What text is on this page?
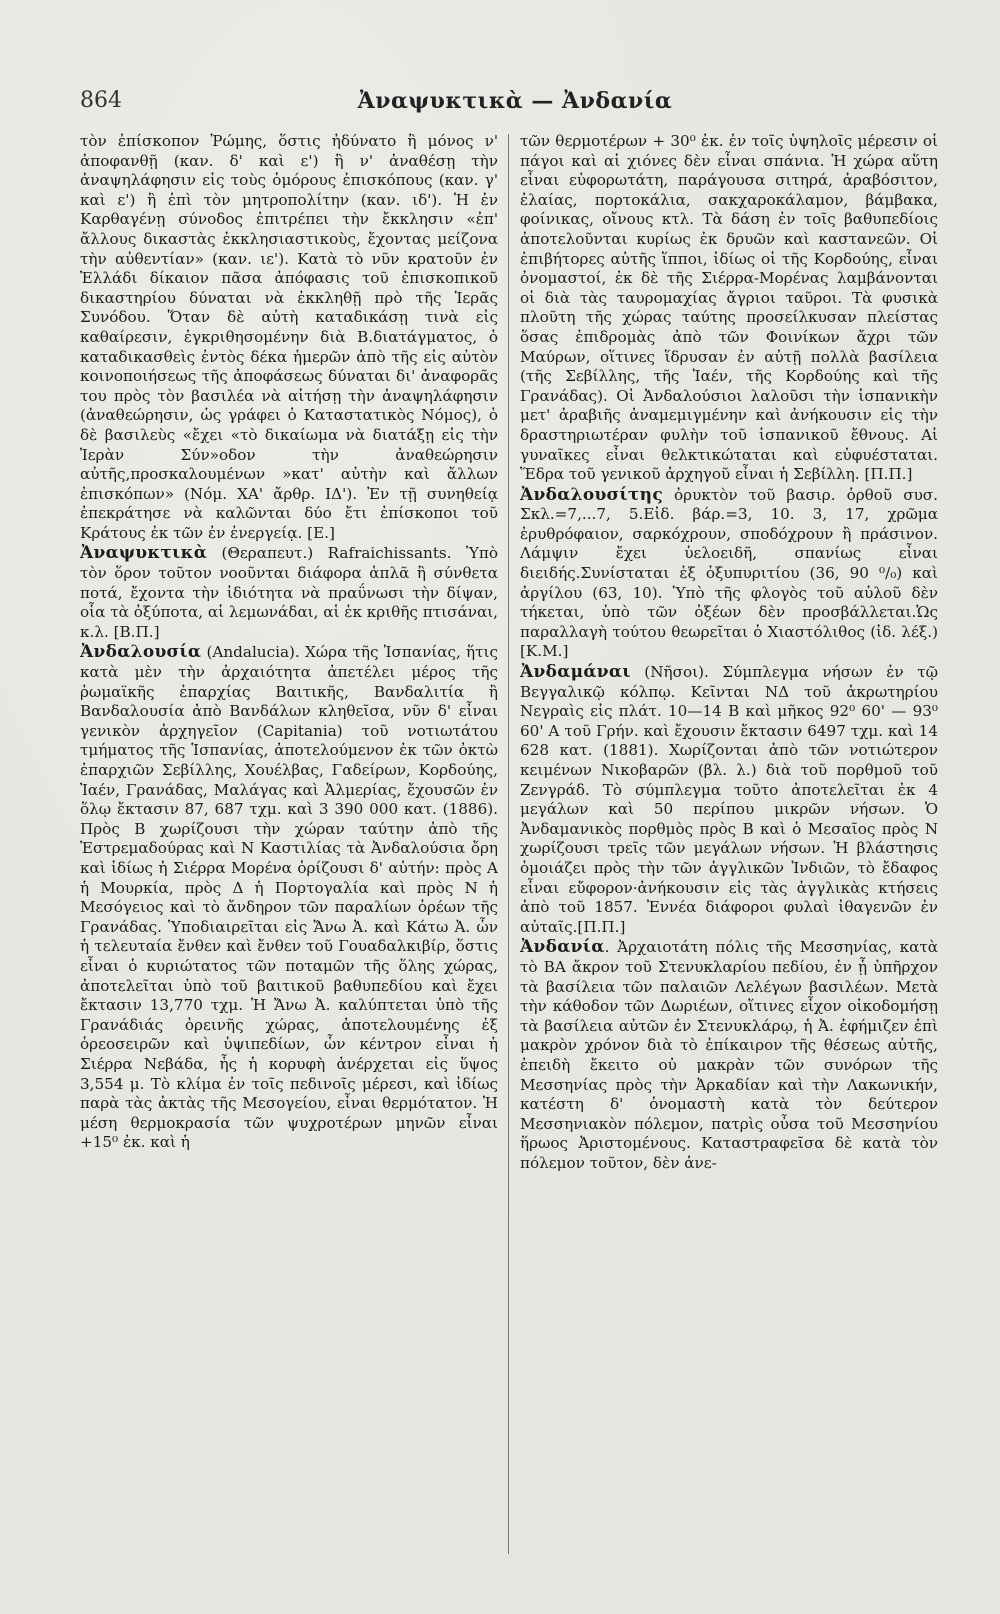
864	Ἀναψυκτικὰ — Ἀνδανία

τὸν ἐπίσκοπον Ῥώμης, ὅστις ἠδύνατο ἢ μόνος ν' ἀποφανθῇ (καν. δ' καὶ ε') ἢ ν' ἀναθέσῃ τὴν ἀναψηλάφησιν εἰς τοὺς ὁμόρους ἐπισκόπους (καν. γ' καὶ ε') ἢ ἐπὶ τὸν μητροπολίτην (καν. ιδ'). Ἡ ἐν Καρθαγένῃ σύνοδος ἐπιτρέπει τὴν ἔκκλησιν «ἐπ' ἄλλους δικαστὰς ἐκκλησιαστικοὺς, ἔχοντας μείζονα τὴν αὐθεντίαν» (καν. ιε'). Κατὰ τὸ νῦν κρατοῦν ἐν Ἑλλάδι δίκαιον πᾶσα ἀπόφασις τοῦ ἐπισκοπικοῦ δικαστηρίου δύναται νὰ ἐκκληθῇ πρὸ τῆς Ἱερᾶς Συνόδου. Ὅταν δὲ αὐτὴ καταδικάσῃ τινὰ εἰς καθαίρεσιν, ἐγκριθησομένην διὰ Β.διατάγματος, ὁ καταδικασθεὶς ἐντὸς δέκα ἡμερῶν ἀπὸ τῆς εἰς αὐτὸν κοινοποιήσεως τῆς ἀποφάσεως δύναται δι' ἀναφορᾶς του πρὸς τὸν βασιλέα νὰ αἰτήσῃ τὴν ἀναψηλάφησιν (ἀναθεώρησιν, ὡς γράφει ὁ Καταστατικὸς Νόμος), ὁ δὲ βασιλεὺς «ἔχει «τὸ δικαίωμα νὰ διατάξῃ εἰς τὴν Ἱερὰν Σύν»οδον τὴν ἀναθεώρησιν αὐτῆς,προσκαλουμένων »κατ' αὐτὴν καὶ ἄλλων ἐπισκόπων» (Νόμ. ΧΑ' ἄρθρ. ΙΔ'). Ἐν τῇ συνηθείᾳ ἐπεκράτησε νὰ καλῶνται δύο ἔτι ἐπίσκοποι τοῦ Κράτους ἐκ τῶν ἐν ἐνεργείᾳ. [Ε.]

Ἀναψυκτικὰ (Θεραπευτ.) Rafraichissants. Ὑπὸ τὸν ὅρον τοῦτον νοοῦνται διάφορα ἁπλᾶ ἢ σύνθετα ποτά, ἔχοντα τὴν ἰδιότητα νὰ πραΰνωσι τὴν δίψαν, οἷα τὰ ὀξύποτα, αἱ λεμωνάδαι, αἱ ἐκ κριθῆς πτισάναι, κ.λ. [Β.Π.]

Ἀνδαλουσία (Andalucia). Χώρα τῆς Ἱσπανίας, ἥτις κατὰ μὲν τὴν ἀρχαιότητα ἀπετέλει μέρος τῆς ῥωμαϊκῆς ἐπαρχίας Βαιτικῆς, Βανδαλιτία ἢ Βανδαλουσία ἀπὸ Βανδάλων κληθεῖσα, νῦν δ' εἶναι γενικὸν ἀρχηγεῖον (Capitania) τοῦ νοτιωτάτου τμήματος τῆς Ἱσπανίας, ἀποτελούμενον ἐκ τῶν ὀκτὼ ἐπαρχιῶν Σεβίλλης, Χουέλβας, Γαδείρων, Κορδούης, Ἰαέν, Γρανάδας, Μαλάγας καὶ Ἀλμερίας, ἔχουσῶν ἐν ὅλῳ ἔκτασιν 87, 687 τχμ. καὶ 3 390 000 κατ. (1886). Πρὸς Β χωρίζουσι τὴν χώραν ταύτην ἀπὸ τῆς Ἐστρεμαδούρας καὶ Ν Καστιλίας τὰ Ἀνδαλούσια ὄρη καὶ ἰδίως ἡ Σιέρρα Μορένα ὁρίζουσι δ' αὐτήν: πρὸς Α ἡ Μουρκία, πρὸς Δ ἡ Πορτογαλία καὶ πρὸς Ν ἡ Μεσόγειος καὶ τὸ ἄνδηρον τῶν παραλίων ὀρέων τῆς Γρανάδας. Ὑποδιαιρεῖται εἰς Ἄνω Ἀ. καὶ Κάτω Ἀ. ὧν ἡ τελευταία ἔνθεν καὶ ἔνθεν τοῦ Γουαδαλκιβίρ, ὅστις εἶναι ὁ κυριώτατος τῶν ποταμῶν τῆς ὅλης χώρας, ἀποτελεῖται ὑπὸ τοῦ βαιτικοῦ βαθυπεδίου καὶ ἔχει ἔκτασιν 13,770 τχμ. Ἡ Ἄνω Ἀ. καλύπτεται ὑπὸ τῆς Γρανάδιάς ὀρεινῆς χώρας, ἀποτελουμένης ἐξ ὀρεοσειρῶν καὶ ὑψιπεδίων, ὧν κέντρον εἶναι ἡ Σιέρρα Νεβάδα, ἧς ἡ κορυφὴ ἀνέρχεται εἰς ὕψος 3,554 μ. Τὸ κλίμα ἐν τοῖς πεδινοῖς μέρεσι, καὶ ἰδίως παρὰ τὰς ἀκτὰς τῆς Μεσογείου, εἶναι θερμότατον. Ἡ μέση θερμοκρασία τῶν ψυχροτέρων μηνῶν εἶναι +15⁰ ἐκ. καὶ ἡ

τῶν θερμοτέρων + 30⁰ ἐκ. ἐν τοῖς ὑψηλοῖς μέρεσιν οἱ πάγοι καὶ αἱ χιόνες δὲν εἶναι σπάνια. Ἡ χώρα αὕτη εἶναι εὐφορωτάτη, παράγουσα σιτηρά, ἀραβόσιτον, ἐλαίας, πορτοκάλια, σακχαροκάλαμον, βάμβακα, φοίνικας, οἴνους κτλ. Τὰ δάση ἐν τοῖς βαθυπεδίοις ἀποτελοῦνται κυρίως ἐκ δρυῶν καὶ καστανεῶν. Οἱ ἐπιβήτορες αὐτῆς ἵπποι, ἰδίως οἱ τῆς Κορδούης, εἶναι ὀνομαστοί, ἐκ δὲ τῆς Σιέρρα-Μορένας λαμβάνονται οἱ διὰ τὰς ταυρομαχίας ἄγριοι ταῦροι. Τὰ φυσικὰ πλοῦτη τῆς χώρας ταύτης προσείλκυσαν πλείστας ὅσας ἐπιδρομὰς ἀπὸ τῶν Φοινίκων ἄχρι τῶν Μαύρων, οἵτινες ἵδρυσαν ἐν αὐτῇ πολλὰ βασίλεια (τῆς Σεβίλλης, τῆς Ἰαέν, τῆς Κορδούης καὶ τῆς Γρανάδας). Οἱ Ἀνδαλούσιοι λαλοῦσι τὴν ἱσπανικὴν μετ' ἀραβιῆς ἀναμεμιγμένην καὶ ἀνήκουσιν εἰς τὴν δραστηριωτέραν φυλὴν τοῦ ἱσπανικοῦ ἔθνους. Αἱ γυναῖκες εἶναι θελκτικώταται καὶ εὐφυέσταται. Ἕδρα τοῦ γενικοῦ ἀρχηγοῦ εἶναι ἡ Σεβίλλη. [Π.Π.]

Ἀνδαλουσίτης ὀρυκτὸν τοῦ βασιρ. ὀρθοῦ συσ. Σκλ.=7,...7, 5.Εἰδ. βάρ.=3, 10. 3, 17, χρῶμα ἐρυθρόφαιον, σαρκόχρουν, σποδόχρουν ἢ πράσινον. Λάμψιν ἔχει ὑελοειδῆ, σπανίως εἶναι διειδής.Συνίσταται ἐξ ὀξυπυριτίου (36, 90 ⁰/₀) καὶ ἀργίλου (63, 10). Ὑπὸ τῆς φλογὸς τοῦ αὐλοῦ δὲν τήκεται, ὑπὸ τῶν ὀξέων δὲν προσβάλλεται.Ὡς παραλλαγὴ τούτου θεωρεῖται ὁ Χιαστόλιθος (ἰδ. λέξ.) [Κ.Μ.]

Ἀνδαμάναι (Νῆσοι). Σύμπλεγμα νήσων ἐν τῷ Βεγγαλικῷ κόλπῳ. Κεῖνται ΝΔ τοῦ ἀκρωτηρίου Νεγραὶς εἰς πλάτ. 10—14 Β καὶ μῆκος 92⁰ 60' — 93⁰ 60' Α τοῦ Γρήν. καὶ ἔχουσιν ἔκτασιν 6497 τχμ. καὶ 14 628 κατ. (1881). Χωρίζονται ἀπὸ τῶν νοτιώτερον κειμένων Νικοβαρῶν (βλ. λ.) διὰ τοῦ πορθμοῦ τοῦ Ζενγράδ. Τὸ σύμπλεγμα τοῦτο ἀποτελεῖται ἐκ 4 μεγάλων καὶ 50 περίπου μικρῶν νήσων. Ὁ Ἀνδαμανικὸς πορθμὸς πρὸς Β καὶ ὁ Μεσαῖος πρὸς Ν χωρίζουσι τρεῖς τῶν μεγάλων νήσων. Ἡ βλάστησις ὁμοιάζει πρὸς τὴν τῶν ἀγγλικῶν Ἰνδιῶν, τὸ ἔδαφος εἶναι εὔφορον·ἀνήκουσιν εἰς τὰς ἀγγλικὰς κτήσεις ἀπὸ τοῦ 1857. Ἐννέα διάφοροι φυλαὶ ἰθαγενῶν ἐν αὐταῖς.[Π.Π.]

Ἀνδανία. Ἀρχαιοτάτη πόλις τῆς Μεσσηνίας, κατὰ τὸ ΒΑ ἄκρον τοῦ Στενυκλαρίου πεδίου, ἐν ᾗ ὑπῆρχον τὰ βασίλεια τῶν παλαιῶν Λελέγων βασιλέων. Μετὰ τὴν κάθοδον τῶν Δωριέων, οἵτινες εἶχον οἰκοδομήσῃ τὰ βασίλεια αὐτῶν ἐν Στενυκλάρῳ, ἡ Ἀ. ἐφήμιζεν ἐπὶ μακρὸν χρόνον διὰ τὸ ἐπίκαιρον τῆς θέσεως αὐτῆς, ἐπειδὴ ἔκειτο οὐ μακρὰν τῶν συνόρων τῆς Μεσσηνίας πρὸς τὴν Ἀρκαδίαν καὶ τὴν Λακωνικήν, κατέστη δ' ὀνομαστὴ κατὰ τὸν δεύτερον Μεσσηνιακὸν πόλεμον, πατρὶς οὖσα τοῦ Μεσσηνίου ἥρωος Ἀριστομένους. Καταστραφεῖσα δὲ κατὰ τὸν πόλεμον τοῦτον, δὲν ἀνε-
